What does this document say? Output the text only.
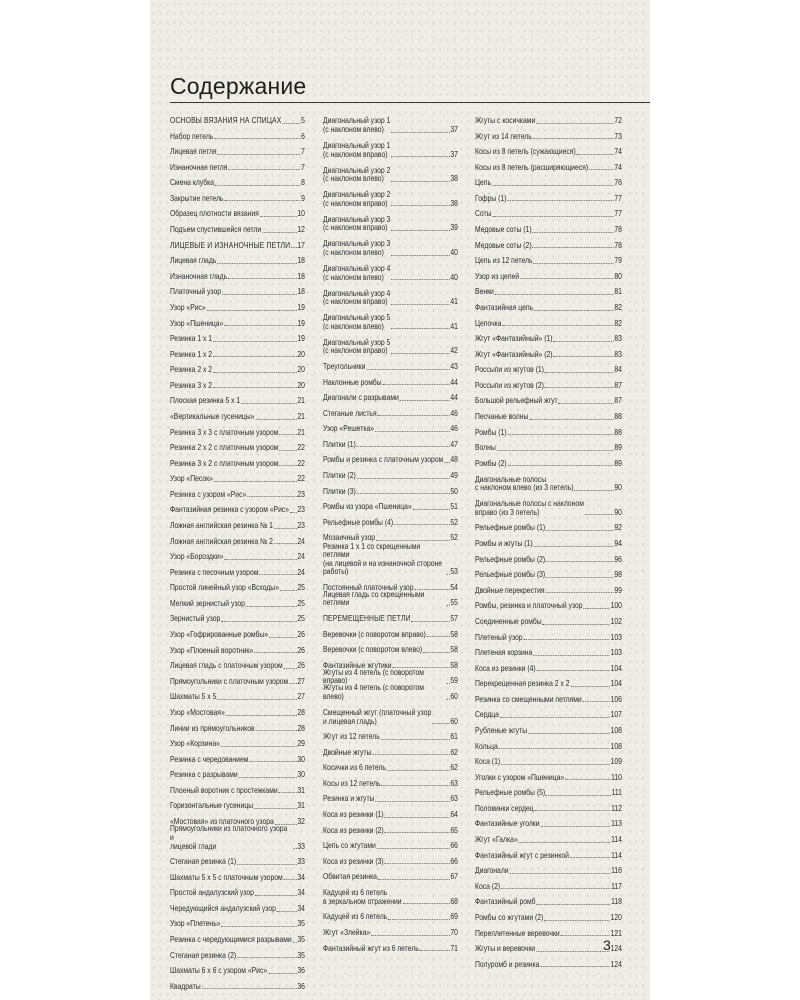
Содержание
ОСНОВЫ ВЯЗАНИЯ НА СПИЦАХ 5
Набор петель	6
Лицевая петля	7
Изнаночная петля	7
Смена клубка	8
Закрытие петель	9
Образец плотности вязания	10
Подъем спустившейся петли	12
ЛИЦЕВЫЕ И ИЗНАНОЧНЫЕ ПЕТЛИ 17
Лицевая гладь	18
Изнаночная гладь	18
Платочный узор	18
Узор «Рис»	19
Узор «Пшеница»	19
Резинка 1 х 1	19
Резинка 1 х 2	20
Резинка 2 х 2	20
Резинка 3 х 2	20
Плоская резинка 5 х 1	21
«Вертикальные гусеницы»	21
Резинка 3 х 3 с платочным узором 21
Резинка 2 х 2 с платочным узором 22
Резинка 3 х 2 с платочным узором 22
Узор «Песок»	22
Резинка с узором «Рис»	23
Фантазийная резинка с узором «Рис» 23
Ложная английская резинка № 1	23
Ложная английская резинка № 2	24
Узор «Бороздки»	24
Резинка с песочным узором	24
Простой линейный узор «Всходы» 25
Мелкий зернистый узор	25
Зернистый узор	25
Узор «Гофрированные ромбы»	26
Узор «Плоеный воротник»	26
Лицевая гладь с платочным узором 26
Прямоугольники с платочным узором 27
Шахматы 5 х 5	27
Узор «Мостовая»	28
Линии из прямоугольников	28
Узор «Корзина»	29
Резинка с чередованием	30
Резинка с разрывами	30
Плоеный воротник с простежками 31
Горизонтальные гусеницы	31
«Мостовая» из платочного узора	32
Прямоугольники из платочного узора и
лицевой глади	33
Стеганая резинка (1)	33
Шахматы 5 х 5 с платочным узором 34
Простой андалузский узор	34
Чередующийся андалузский узор	34
Узор «Плетень»	35
Резинка с чередующимися разрывами 35
Стеганая резинка (2)	35
Шахматы 6 х 6 с узором «Рис»	36
Квадраты	36
Диагональный узор 1
(с наклоном влево)	37
Диагональный узор 1
(с наклоном вправо)	37
Диагональный узор 2
(с наклоном влево)	38
Диагональный узор 2
(с наклоном вправо)	38
Диагональный узор 3
(с наклоном вправо)	39
Диагональный узор 3
(с наклоном влево)	40
Диагональный узор 4
(с наклоном влево)	40
Диагональный узор 4
(с наклоном вправо)	41
Диагональный узор 5
(с наклоном влево)	41
Диагональный узор 5
(с наклоном вправо)	42
Треугольники	43
Наклонные ромбы	44
Диагонали с разрывами	44
Стеганые листья	46
Узор «Решетка»	46
Плитки (1)	47
Ромбы и резинка с платочным узором 48
Плитки (2)	49
Плитки (3)	50
Ромбы из узора «Пшеница»	51
Рельефные ромбы (4)	52
Мозаичный узор	52
Резинка 1 х 1 со скрещенными петлями
(на лицевой и на изнаночной стороне
работы)	53
Постоянный платочный узор	54
Лицевая гладь со скрещенными петлями	55
ПЕРЕМЕЩЕННЫЕ ПЕТЛИ	57
Веревочки (с поворотом вправо)	58
Веревочки (с поворотом влево)	58
Фантазийные жгутики	58
Жгуты из 4 петель (с поворотом вправо)	59
Жгуты из 4 петель (с поворотом влево)	60
Смещенный жгут (платочный узор
и лицевая гладь)	60
Жгут из 12 петель	61
Двойные жгуты	62
Косички из 6 петель	62
Косы из 12 петель	63
Резинка и жгуты	63
Коса из резинки (1)	64
Коса из резинки (2)	65
Цепь со жгутами	66
Коса из резинки (3)	66
Обвитая резинка	67
Кадуцей из 6 петель
в зеркальном отражении	68
Кадуцей из 6 петель	69
Жгут «Злейка»	70
Фантазийный жгут из 6 петель	71
Жгуты с косичками	72
Жгут из 14 петель	73
Косы из 8 петель (сужающиеся)	74
Косы из 8 петель (расширяющиеся)	74
Цепь	76
Гофры (1)	77
Соты	77
Медовые соты (1)	78
Медовые соты (2)	78
Цепь из 12 петель	79
Узор из цепей	80
Венки	81
Фантазийная цепь	82
Цепочка	82
Жгут «Фантазийный» (1)	83
Жгут «Фантазийный» (2)	83
Россыпи из жгутов (1)	84
Россыпи из жгутов (2)	87
Большой рельефный жгут	87
Песчаные волны	88
Ромбы (1)	88
Волны	89
Ромбы (2)	89
Диагональные полосы
с наклоном влево (из 3 петель)	90
Диагональные полосы с наклоном
вправо (из 3 петель)	90
Рельефные ромбы (1)	92
Ромбы и жгуты (1)	94
Рельефные ромбы (2)	96
Рельефные ромбы (3)	98
Двойные перекрестия	99
Ромбы, резинка и платочный узор	100
Соединенные ромбы	102
Плетеный узор	103
Плетеная корзина	103
Коса из резинки (4)	104
Перекрещенная резинка 2 х 2	104
Резинка со смещенными петлями	106
Сердца	107
Рубленые жгуты	108
Кольца	108
Коса (1)	109
Уголки с узором «Пшеница»	110
Рельефные ромбы (5)	111
Половинки сердец	112
Фантазийные уголки	113
Жгут «Галка»	114
Фантазийный жгут с резинкой	114
Диагонали	116
Коса (2)	117
Фантазийный ромб	118
Ромбы со жгутами (2)	120
Переплетенные веревочки	121
Жгуты и веревочки	124
Полуромб и резинка	124
3
